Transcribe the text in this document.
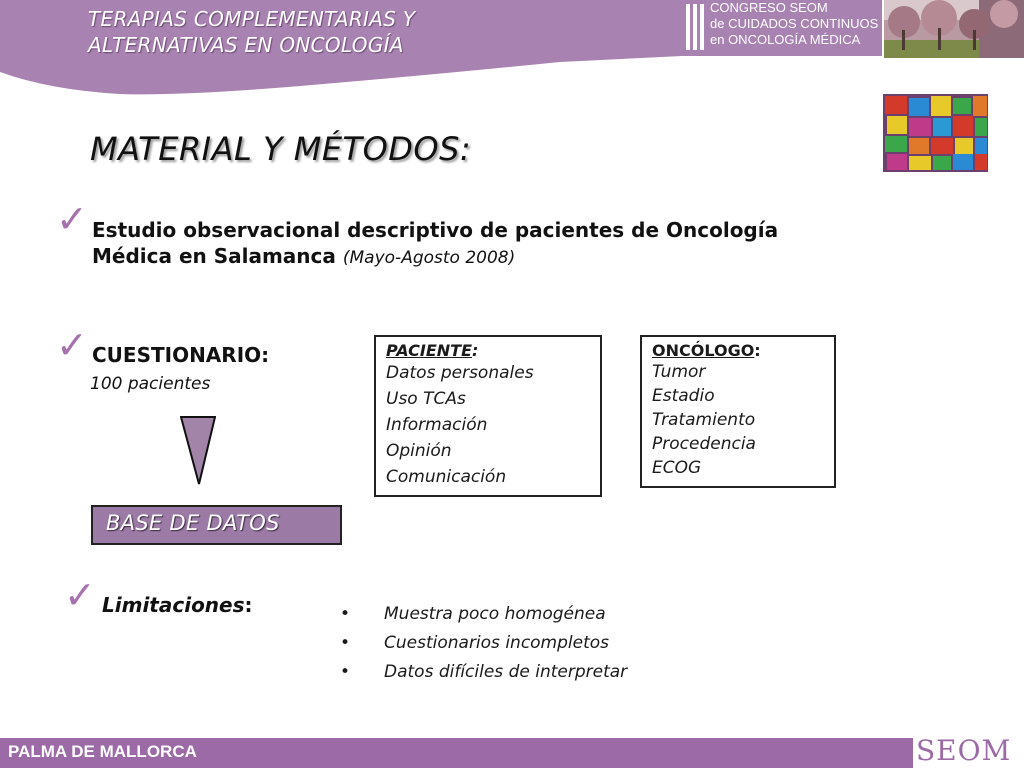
TERAPIAS COMPLEMENTARIAS Y
ALTERNATIVAS EN ONCOLOGÍA
CONGRESO SEOM
de CUIDADOS CONTINUOS
en ONCOLOGÍA MÉDICA
MATERIAL Y MÉTODOS:
✓ Estudio observacional descriptivo de pacientes de Oncología
Médica en Salamanca (Mayo-Agosto 2008)
✓ CUESTIONARIO:
100 pacientes
BASE DE DATOS
PACIENTE:
Datos personales
Uso TCAs
Información
Opinión
Comunicación
ONCÓLOGO:
Tumor
Estadio
Tratamiento
Procedencia
ECOG
✓ Limitaciones:	• Muestra poco homogénea
• Cuestionarios incompletos
• Datos difíciles de interpretar
PALMA DE MALLORCA	SEOM
